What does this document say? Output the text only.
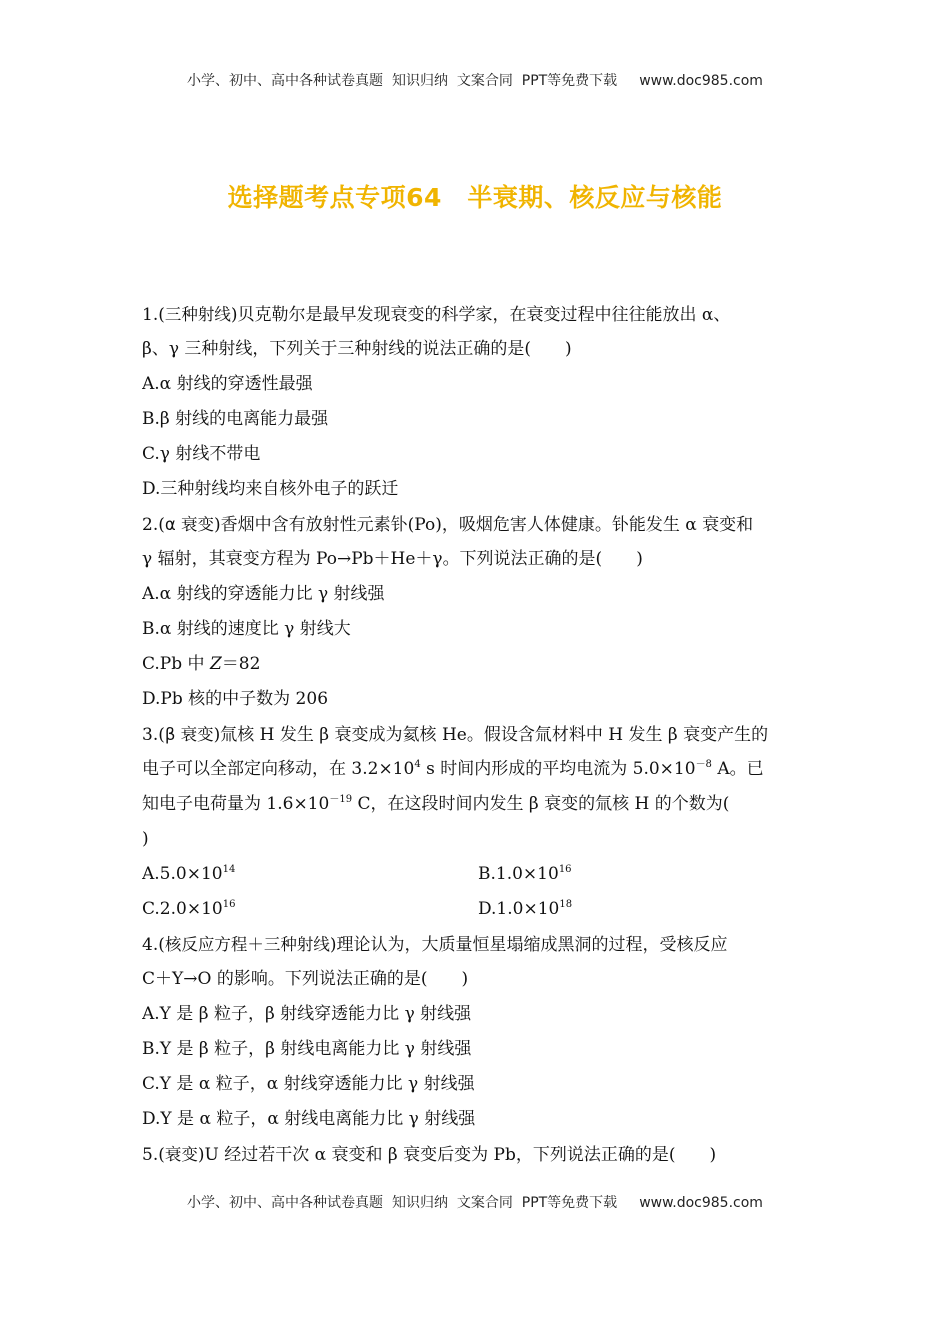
小学、初中、高中各种试卷真题  知识归纳  文案合同  PPT等免费下载 www.doc985.com
选择题考点专项64　半衰期、核反应与核能
1.(三种射线)贝克勒尔是最早发现衰变的科学家，在衰变过程中往往能放出 α、
β、γ 三种射线，下列关于三种射线的说法正确的是(　　)
A.α 射线的穿透性最强
B.β 射线的电离能力最强
C.γ 射线不带电
D.三种射线均来自核外电子的跃迁
2.(α 衰变)香烟中含有放射性元素钋(Po)，吸烟危害人体健康。钋能发生 α 衰变和
γ 辐射，其衰变方程为 Po→Pb＋He＋γ。下列说法正确的是(　　)
A.α 射线的穿透能力比 γ 射线强
B.α 射线的速度比 γ 射线大
C.Pb 中 Z＝82
D.Pb 核的中子数为 206
3.(β 衰变)氚核 H 发生 β 衰变成为氦核 He。假设含氚材料中 H 发生 β 衰变产生的
电子可以全部定向移动，在 $3.2\times 10^4$ s 时间内形成的平均电流为 $5.0\times 10^{-8}$ A。已
知电子电荷量为 $1.6\times 10^{-19}$ C，在这段时间内发生 β 衰变的氚核 H 的个数为(
)
$A.5.0\times 10^{14}$	$B.1.0\times 10^{16}$
$C.2.0\times 10^{16}$	$D.1.0\times 10^{18}$
4.(核反应方程＋三种射线)理论认为，大质量恒星塌缩成黑洞的过程，受核反应
C＋Y→O 的影响。下列说法正确的是(　　)
A.Y 是 β 粒子，β 射线穿透能力比 γ 射线强
B.Y 是 β 粒子，β 射线电离能力比 γ 射线强
C.Y 是 α 粒子，α 射线穿透能力比 γ 射线强
D.Y 是 α 粒子，α 射线电离能力比 γ 射线强
5.(衰变)U 经过若干次 α 衰变和 β 衰变后变为 Pb，下列说法正确的是(　　)
小学、初中、高中各种试卷真题  知识归纳  文案合同  PPT等免费下载 www.doc985.com
